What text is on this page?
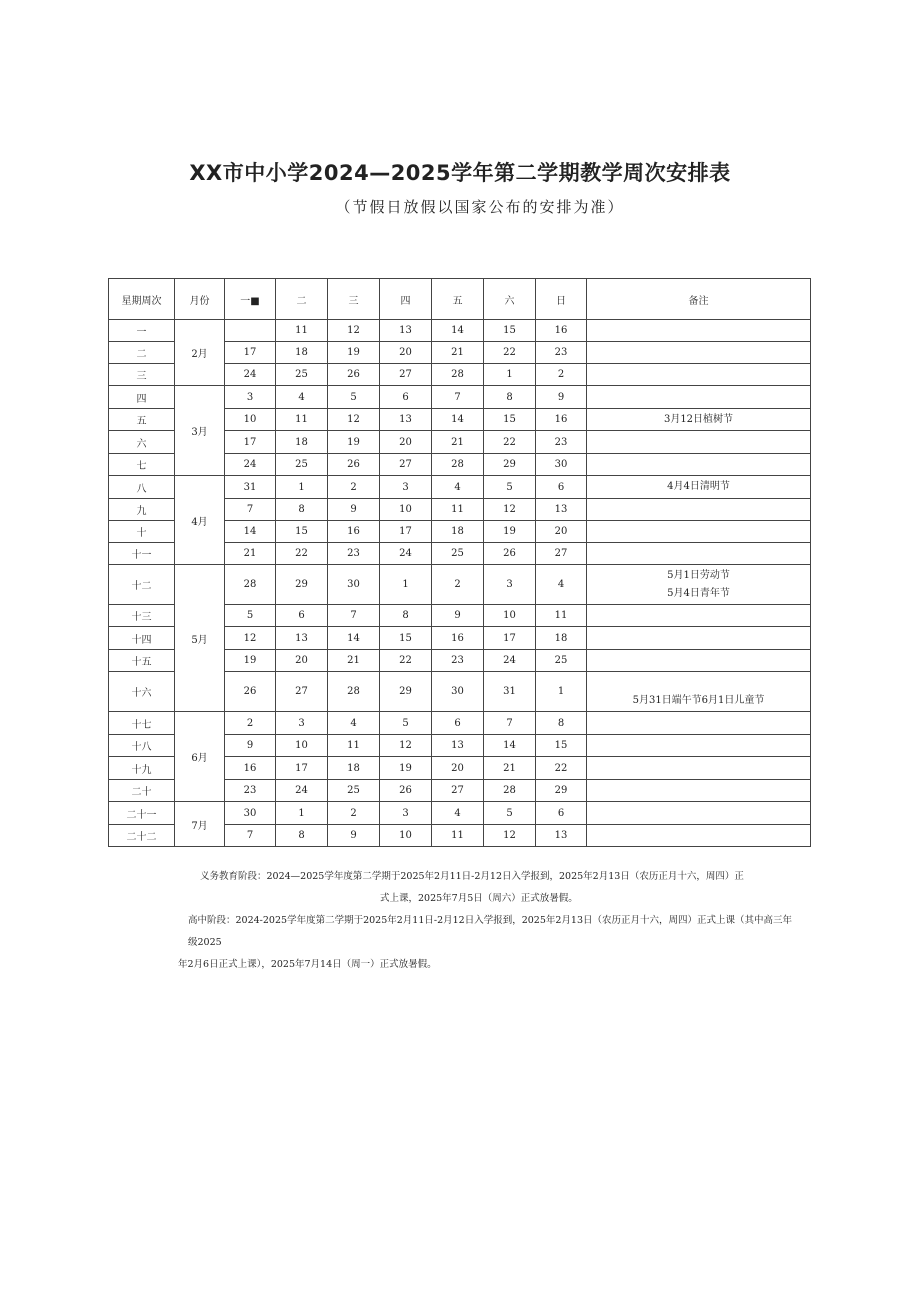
XX市中小学2024—2025学年第二学期教学周次安排表
（节假日放假以国家公布的安排为准）
星期周次	月份	一■	二	三	四	五	六	日	备注
一	2月		11	12	13	14	15	16	
二		17	18	19	20	21	22	23	
三		24	25	26	27	28	1	2	
四	3月	3	4	5	6	7	8	9	
五		10	11	12	13	14	15	16	3月12日植树节
六		17	18	19	20	21	22	23	
七		24	25	26	27	28	29	30	
八	4月	31	1	2	3	4	5	6	4月4日清明节
九		7	8	9	10	11	12	13	
十		14	15	16	17	18	19	20	
十一		21	22	23	24	25	26	27	
十二	5月	28	29	30	1	2	3	4	5月1日劳动节
5月4日青年节

十三		5	6	7	8	9	10	11	
十四		12	13	14	15	16	17	18	
十五		19	20	21	22	23	24	25	
十六		26	27	28	29	30	31	1	5月31日端午节6月1日儿童节
十七	6月	2	3	4	5	6	7	8	
十八		9	10	11	12	13	14	15	
十九		16	17	18	19	20	21	22	
二十		23	24	25	26	27	28	29	
二十一	7月	30	1	2	3	4	5	6	
二十二		7	8	9	10	11	12	13	

义务教育阶段：2024—2025学年度第二学期于2025年2月11日-2月12日入学报到，2025年2月13日（农历正月十六，周四）正

式上课，2025年7月5日（周六）正式放暑假。

高中阶段：2024-2025学年度第二学期于2025年2月11日-2月12日入学报到，2025年2月13日（农历正月十六，周四）正式上课（其中高三年级2025

年2月6日正式上课），2025年7月14日（周一）正式放暑假。
